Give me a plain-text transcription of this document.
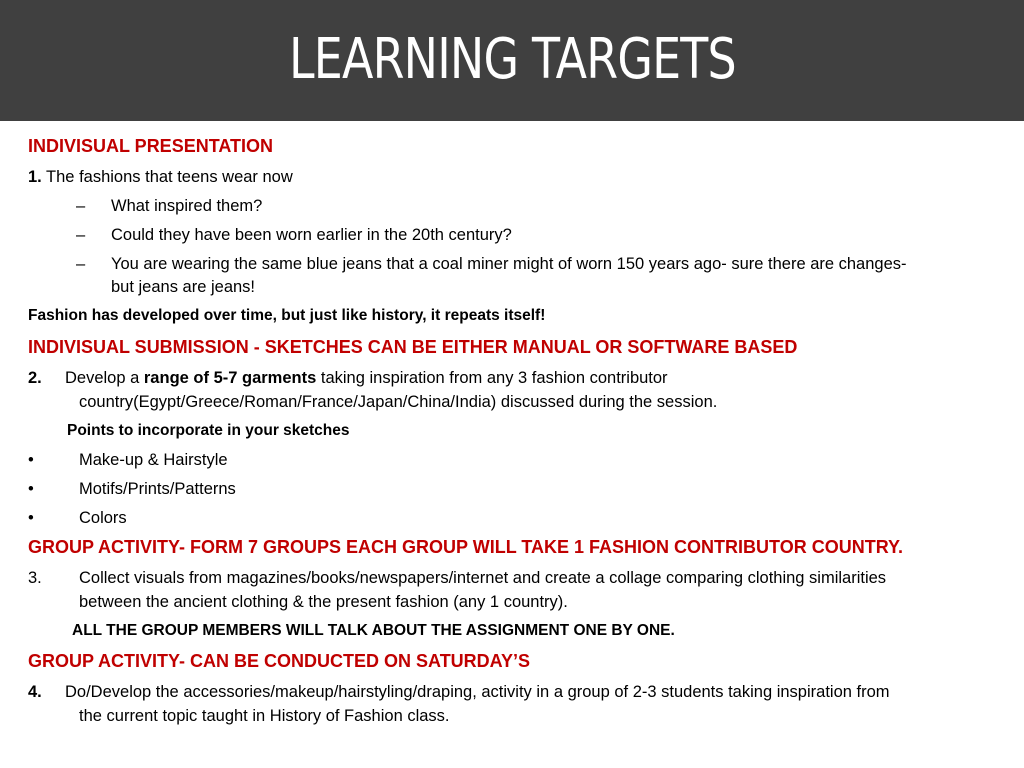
LEARNING TARGETS
INDIVISUAL PRESENTATION
1. The fashions that teens wear now
– What inspired them?
– Could they have been worn earlier in the 20th century?
– You are wearing the same blue jeans that a coal miner might of worn 150 years ago- sure there are changes-
but jeans are jeans!
Fashion has developed over time, but just like history, it repeats itself!
INDIVISUAL SUBMISSION - SKETCHES CAN BE EITHER MANUAL OR SOFTWARE BASED
2. Develop a range of 5-7 garments taking inspiration from any 3 fashion contributor
country(Egypt/Greece/Roman/France/Japan/China/India) discussed during the session.
Points to incorporate in your sketches
•	Make-up & Hairstyle
•	Motifs/Prints/Patterns
•	Colors
GROUP ACTIVITY- FORM 7 GROUPS EACH GROUP WILL TAKE 1 FASHION CONTRIBUTOR COUNTRY.
3. Collect visuals from magazines/books/newspapers/internet and create a collage comparing clothing similarities
between the ancient clothing & the present fashion (any 1 country).
ALL THE GROUP MEMBERS WILL TALK ABOUT THE ASSIGNMENT ONE BY ONE.
GROUP ACTIVITY- CAN BE CONDUCTED ON SATURDAY’S
4. Do/Develop the accessories/makeup/hairstyling/draping, activity in a group of 2-3 students taking inspiration from
the current topic taught in History of Fashion class.
